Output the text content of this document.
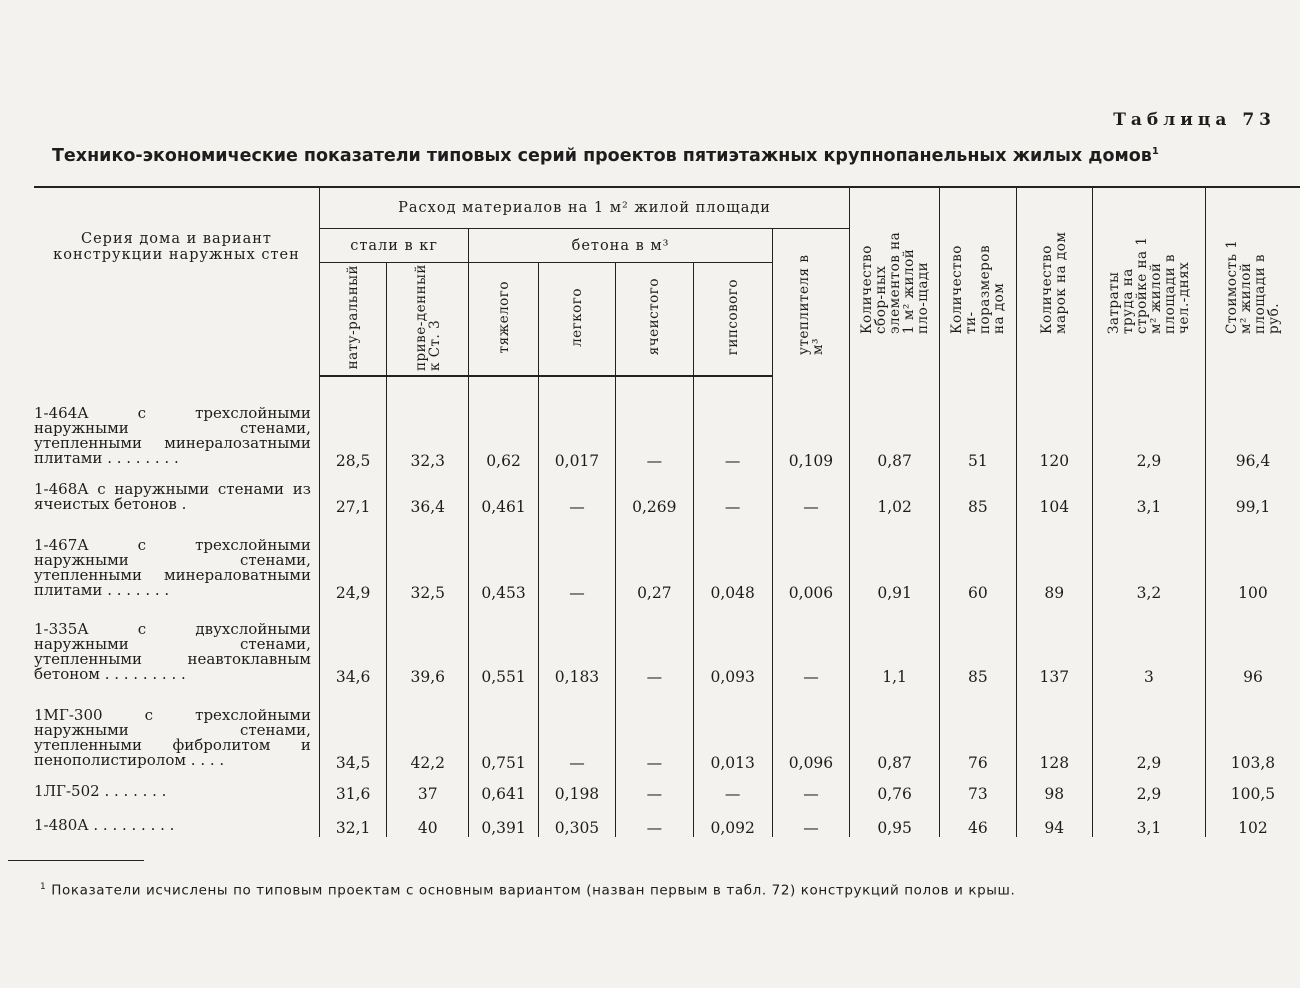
Таблица 73
Технико-экономические показатели типовых серий проектов пятиэтажных крупнопанельных жилых домов$^1$
Серия дома и вариант конструкции наружных стен	Расход материалов на 1 м² жилой площади							Количество сбор-ных элементов на 1 м² жилой пло-щади	Количество ти-поразмеров на дом	Количество марок на дом	Затраты труда на стройке на 1 м² жилой площади в чел.-днях	Стоимость 1 м² жилой площади в руб.
	стали в кг		бетона в м³				утеплителя в м³					
	нату-ральный	приве-денный к Ст. 3	тяжелого	легкого	ячеистого	гипсового						
1-464А с трехслойными наружными стенами, утепленными минералозатными плитами . . . . . . . .	28,5	32,3	0,62	0,017	—	—	0,109	0,87	51	120	2,9	96,4
1-468А с наружными стенами из ячеистых бетонов .	27,1	36,4	0,461	—	0,269	—	—	1,02	85	104	3,1	99,1
1-467А с трехслойными наружными стенами, утепленными минераловатными плитами . . . . . . .	24,9	32,5	0,453	—	0,27	0,048	0,006	0,91	60	89	3,2	100
1-335А с двухслойными наружными стенами, утепленными неавтоклавным бетоном . . . . . . . . .	34,6	39,6	0,551	0,183	—	0,093	—	1,1	85	137	3	96
1МГ-300 с трехслойными наружными стенами, утепленными фибролитом и пенополистиролом . . . .	34,5	42,2	0,751	—	—	0,013	0,096	0,87	76	128	2,9	103,8
1ЛГ-502 . . . . . . .	31,6	37	0,641	0,198	—	—	—	0,76	73	98	2,9	100,5
1-480А . . . . . . . . .	32,1	40	0,391	0,305	—	0,092	—	0,95	46	94	3,1	102
$^1$ Показатели исчислены по типовым проектам с основным вариантом (назван первым в табл. 72) конструкций полов и крыш.
